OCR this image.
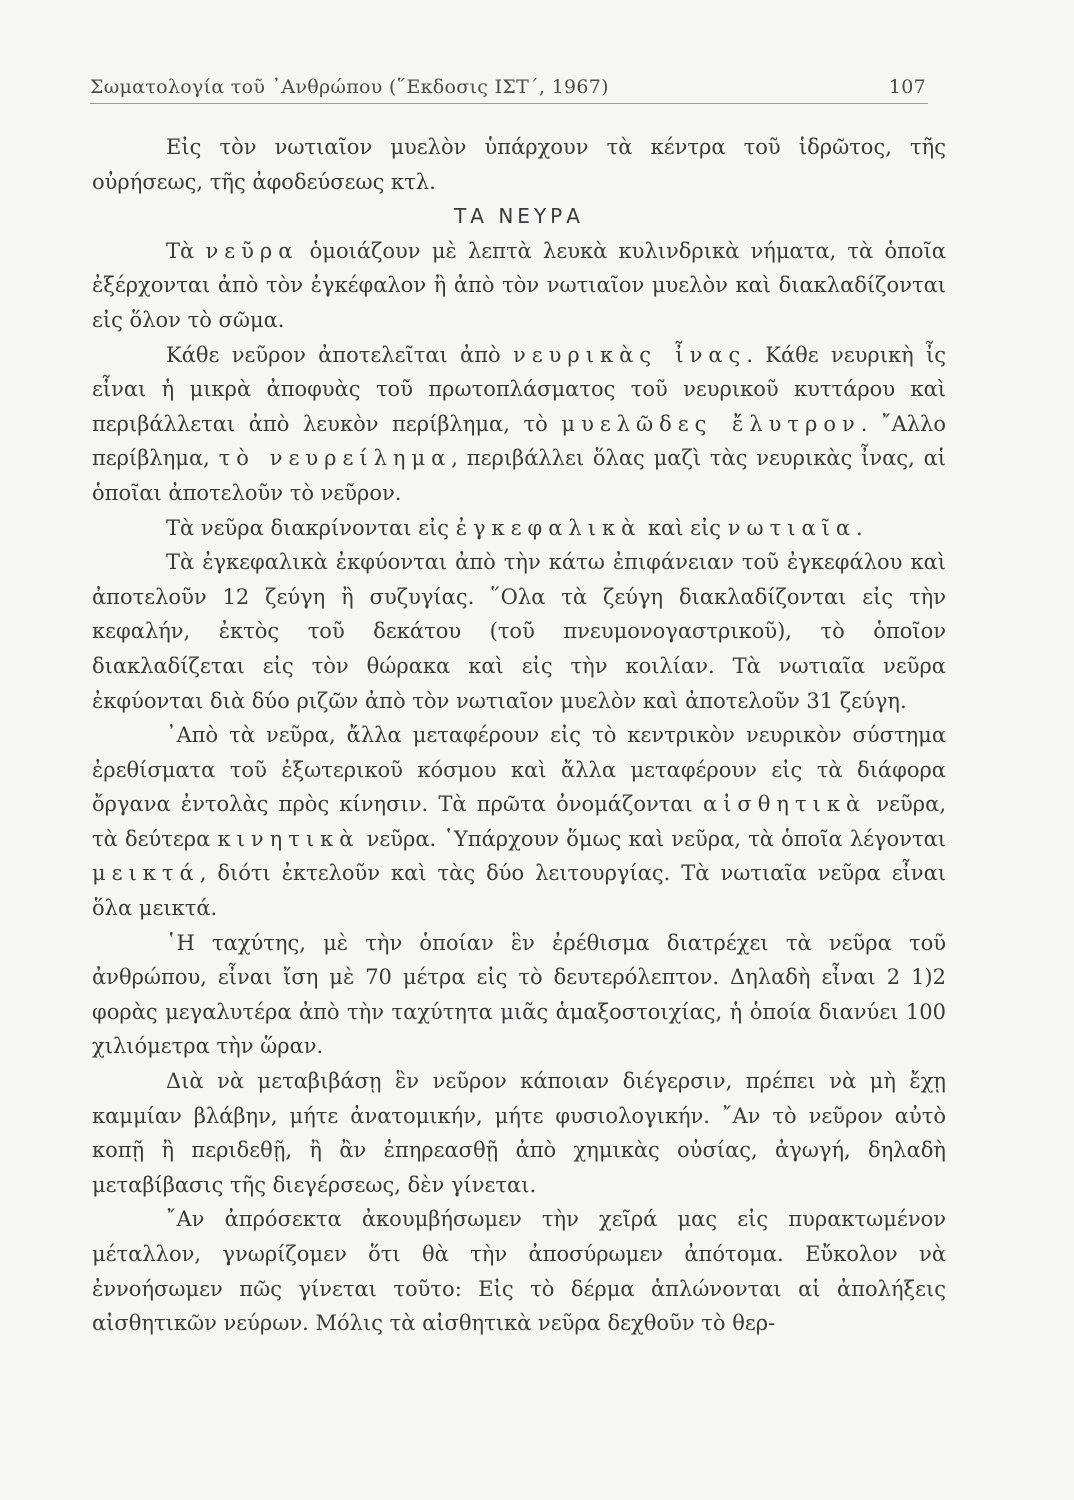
Σωματολογία τοῦ ᾿Ανθρώπου (῞Εκδοσις ΙΣΤ΄, 1967)	107

Εἰς τὸν νωτιαῖον μυελὸν ὑπάρχουν τὰ κέντρα τοῦ ἱδρῶτος, τῆς οὐρήσεως, τῆς ἀφοδεύσεως κτλ.

ΤΑ ΝΕΥΡΑ

Τὰ νεῦρα ὁμοιάζουν μὲ λεπτὰ λευκὰ κυλινδρικὰ νήματα, τὰ ὁποῖα ἐξέρχονται ἀπὸ τὸν ἐγκέφαλον ἢ ἀπὸ τὸν νωτιαῖον μυελὸν καὶ διακλαδίζονται εἰς ὅλον τὸ σῶμα.

Κάθε νεῦρον ἀποτελεῖται ἀπὸ νευρικὰς ἶνας. Κάθε νευρικὴ ἶς εἶναι ἡ μικρὰ ἀποφυὰς τοῦ πρωτοπλάσματος τοῦ νευρικοῦ κυττάρου καὶ περιβάλλεται ἀπὸ λευκὸν περίβλημα, τὸ μυελῶδες ἔλυτρον. ῎Αλλο περίβλημα, τὸ νευρείλημα, περιβάλλει ὅλας μαζὶ τὰς νευρικὰς ἶνας, αἱ ὁποῖαι ἀποτελοῦν τὸ νεῦρον.

Τὰ νεῦρα διακρίνονται εἰς ἐγκεφαλικὰ καὶ εἰς νωτιαῖα.

Τὰ ἐγκεφαλικὰ ἐκφύονται ἀπὸ τὴν κάτω ἐπιφάνειαν τοῦ ἐγκεφάλου καὶ ἀποτελοῦν 12 ζεύγη ἢ συζυγίας. ῞Ολα τὰ ζεύγη διακλαδίζονται εἰς τὴν κεφαλήν, ἐκτὸς τοῦ δεκάτου (τοῦ πνευμονογαστρικοῦ), τὸ ὁποῖον διακλαδίζεται εἰς τὸν θώρακα καὶ εἰς τὴν κοιλίαν. Τὰ νωτιαῖα νεῦρα ἐκφύονται διὰ δύο ριζῶν ἀπὸ τὸν νωτιαῖον μυελὸν καὶ ἀποτελοῦν 31 ζεύγη.

᾿Απὸ τὰ νεῦρα, ἄλλα μεταφέρουν εἰς τὸ κεντρικὸν νευρικὸν σύστημα ἐρεθίσματα τοῦ ἐξωτερικοῦ κόσμου καὶ ἄλλα μεταφέρουν εἰς τὰ διάφορα ὄργανα ἐντολὰς πρὸς κίνησιν. Τὰ πρῶτα ὀνομάζονται αἰσθητικὰ νεῦρα, τὰ δεύτερα κινητικὰ νεῦρα. ῾Υπάρχουν ὅμως καὶ νεῦρα, τὰ ὁποῖα λέγονται μεικτά, διότι ἐκτελοῦν καὶ τὰς δύο λειτουργίας. Τὰ νωτιαῖα νεῦρα εἶναι ὅλα μεικτά.

῾Η ταχύτης, μὲ τὴν ὁποίαν ἓν ἐρέθισμα διατρέχει τὰ νεῦρα τοῦ ἀνθρώπου, εἶναι ἴση μὲ 70 μέτρα εἰς τὸ δευτερόλεπτον. Δηλαδὴ εἶναι 2 1)2 φορὰς μεγαλυτέρα ἀπὸ τὴν ταχύτητα μιᾶς ἁμαξοστοιχίας, ἡ ὁποία διανύει 100 χιλιόμετρα τὴν ὥραν.

Διὰ νὰ μεταβιβάσῃ ἓν νεῦρον κάποιαν διέγερσιν, πρέπει νὰ μὴ ἔχῃ καμμίαν βλάβην, μήτε ἀνατομικήν, μήτε φυσιολογικήν. ῎Αν τὸ νεῦρον αὐτὸ κοπῇ ἢ περιδεθῇ, ἢ ἂν ἐπηρεασθῇ ἀπὸ χημικὰς οὐσίας, ἀγωγή, δηλαδὴ μεταβίβασις τῆς διεγέρσεως, δὲν γίνεται.

῎Αν ἀπρόσεκτα ἀκουμβήσωμεν τὴν χεῖρά μας εἰς πυρακτωμένον μέταλλον, γνωρίζομεν ὅτι θὰ τὴν ἀποσύρωμεν ἀπότομα. Εὔκολον νὰ ἐννοήσωμεν πῶς γίνεται τοῦτο: Εἰς τὸ δέρμα ἁπλώνονται αἱ ἀπολήξεις αἰσθητικῶν νεύρων. Μόλις τὰ αἰσθητικὰ νεῦρα δεχθοῦν τὸ θερ-
